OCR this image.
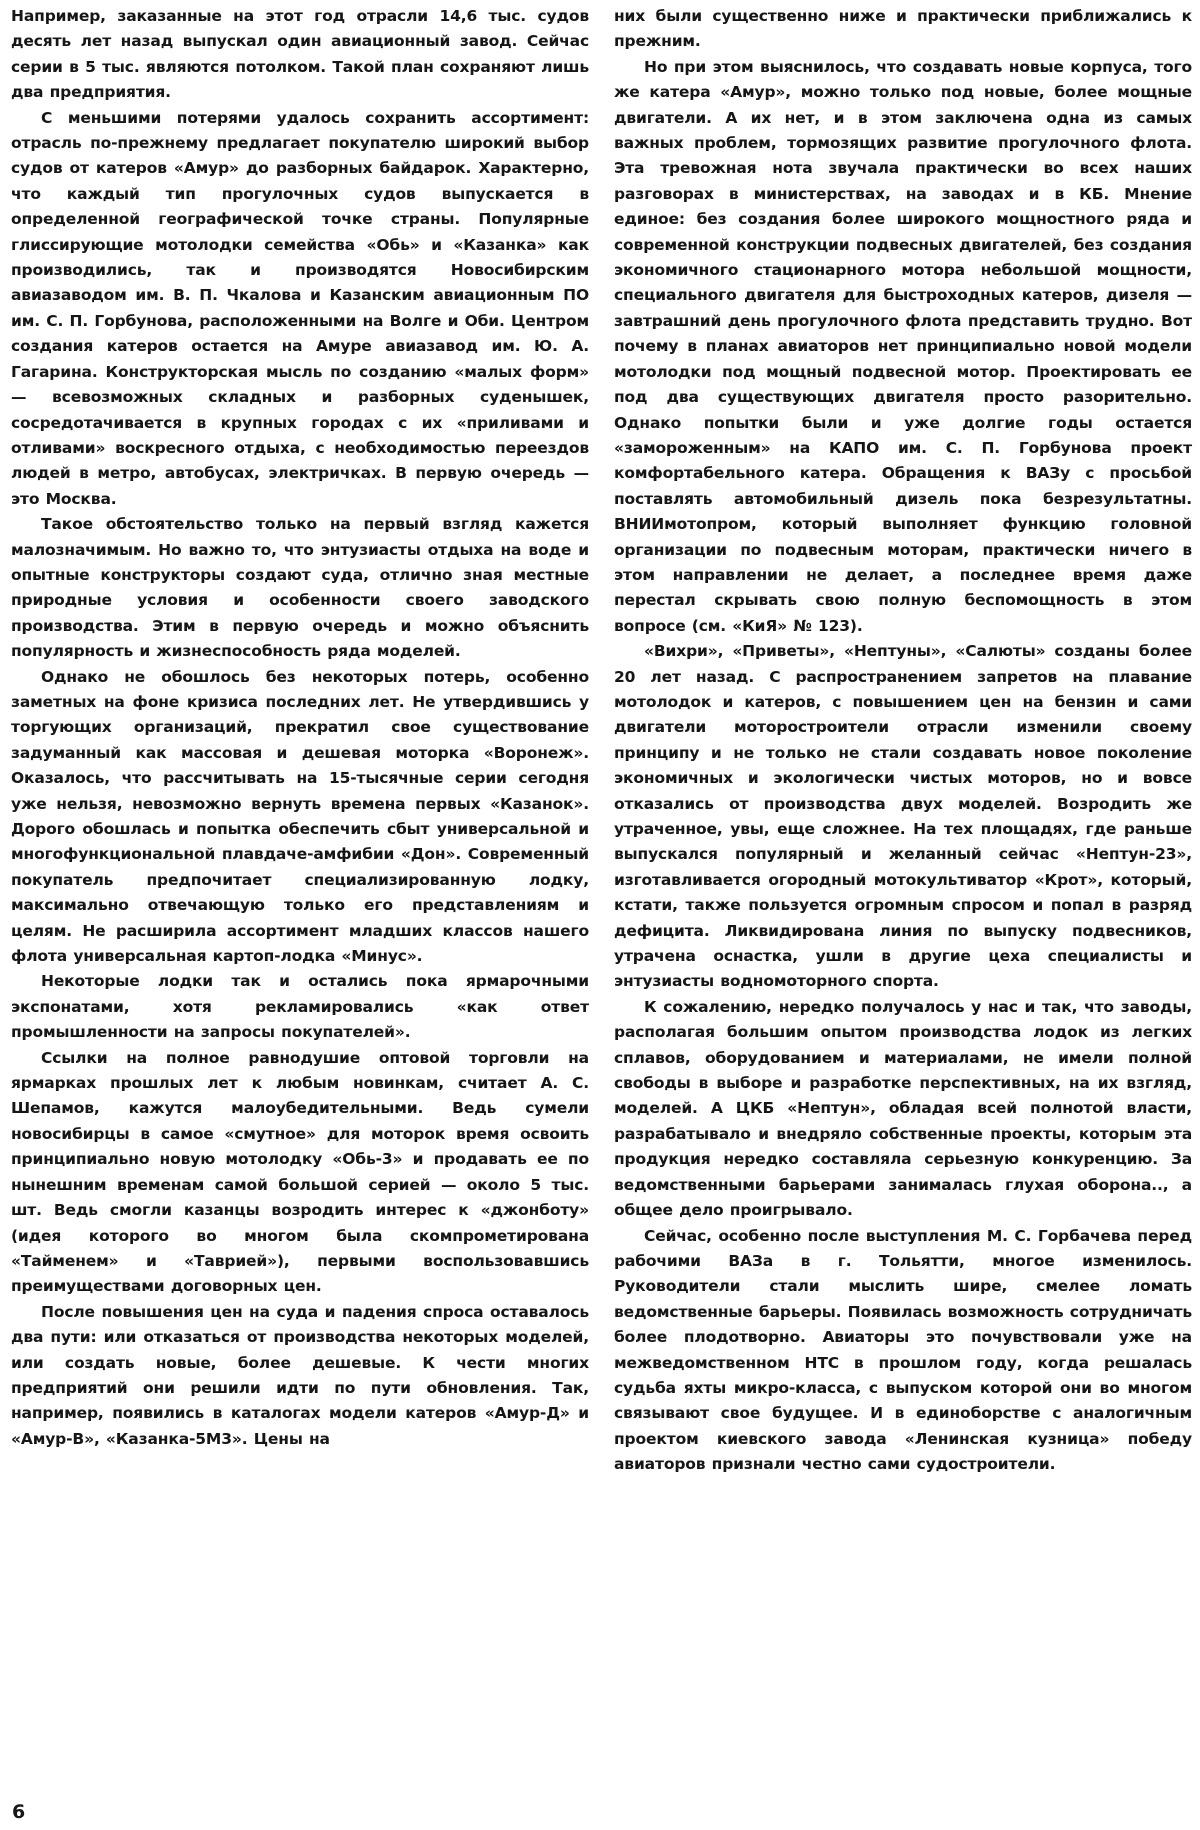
Например, заказанные на этот год отрасли 14,6 тыс. судов десять лет назад выпускал один авиационный завод. Сейчас серии в 5 тыс. являются потолком. Такой план сохраняют лишь два предприятия.

С меньшими потерями удалось сохранить ассортимент: отрасль по-прежнему предлагает покупателю широкий выбор судов от катеров «Амур» до разборных байдарок. Характерно, что каждый тип прогулочных судов выпускается в определенной географической точке страны. Популярные глиссирующие мотолодки семейства «Обь» и «Казанка» как производились, так и производятся Новосибирским авиазаводом им. В. П. Чкалова и Казанским авиационным ПО им. С. П. Горбунова, расположенными на Волге и Оби. Центром создания катеров остается на Амуре авиазавод им. Ю. А. Гагарина. Конструкторская мысль по созданию «малых форм» — всевозможных складных и разборных суденышек, сосредотачивается в крупных городах с их «приливами и отливами» воскресного отдыха, с необходимостью переездов людей в метро, автобусах, электричках. В первую очередь — это Москва.

Такое обстоятельство только на первый взгляд кажется малозначимым. Но важно то, что энтузиасты отдыха на воде и опытные конструкторы создают суда, отлично зная местные природные условия и особенности своего заводского производства. Этим в первую очередь и можно объяснить популярность и жизнеспособность ряда моделей.

Однако не обошлось без некоторых потерь, особенно заметных на фоне кризиса последних лет. Не утвердившись у торгующих организаций, прекратил свое существование задуманный как массовая и дешевая моторка «Воронеж». Оказалось, что рассчитывать на 15-тысячные серии сегодня уже нельзя, невозможно вернуть времена первых «Казанок». Дорого обошлась и попытка обеспечить сбыт универсальной и многофункциональной плавдаче-амфибии «Дон». Современный покупатель предпочитает специализированную лодку, максимально отвечающую только его представлениям и целям. Не расширила ассортимент младших классов нашего флота универсальная картоп-лодка «Минус».

Некоторые лодки так и остались пока ярмарочными экспонатами, хотя рекламировались «как ответ промышленности на запросы покупателей».

Ссылки на полное равнодушие оптовой торговли на ярмарках прошлых лет к любым новинкам, считает А. С. Шепамов, кажутся малоубедительными. Ведь сумели новосибирцы в самое «смутное» для моторок время освоить принципиально новую мотолодку «Обь-3» и продавать ее по нынешним временам самой большой серией — около 5 тыс. шт. Ведь смогли казанцы возродить интерес к «джонботу» (идея которого во многом была скомпрометирована «Тайменем» и «Таврией»), первыми воспользовавшись преимуществами договорных цен.

После повышения цен на суда и падения спроса оставалось два пути: или отказаться от производства некоторых моделей, или создать новые, более дешевые. К чести многих предприятий они решили идти по пути обновления. Так, например, появились в каталогах модели катеров «Амур-Д» и «Амур-В», «Казанка-5М3». Цены на

них были существенно ниже и практически приближались к прежним.

Но при этом выяснилось, что создавать новые корпуса, того же катера «Амур», можно только под новые, более мощные двигатели. А их нет, и в этом заключена одна из самых важных проблем, тормозящих развитие прогулочного флота. Эта тревожная нота звучала практически во всех наших разговорах в министерствах, на заводах и в КБ. Мнение единое: без создания более широкого мощностного ряда и современной конструкции подвесных двигателей, без создания экономичного стационарного мотора небольшой мощности, специального двигателя для быстроходных катеров, дизеля — завтрашний день прогулочного флота представить трудно. Вот почему в планах авиаторов нет принципиально новой модели мотолодки под мощный подвесной мотор. Проектировать ее под два существующих двигателя просто разорительно. Однако попытки были и уже долгие годы остается «замороженным» на КАПО им. С. П. Горбунова проект комфортабельного катера. Обращения к ВАЗу с просьбой поставлять автомобильный дизель пока безрезультатны. ВНИИмотопром, который выполняет функцию головной организации по подвесным моторам, практически ничего в этом направлении не делает, а последнее время даже перестал скрывать свою полную беспомощность в этом вопросе (см. «КиЯ» № 123).

«Вихри», «Приветы», «Нептуны», «Салюты» созданы более 20 лет назад. С распространением запретов на плавание мотолодок и катеров, с повышением цен на бензин и сами двигатели моторостроители отрасли изменили своему принципу и не только не стали создавать новое поколение экономичных и экологически чистых моторов, но и вовсе отказались от производства двух моделей. Возродить же утраченное, увы, еще сложнее. На тех площадях, где раньше выпускался популярный и желанный сейчас «Нептун-23», изготавливается огородный мотокультиватор «Крот», который, кстати, также пользуется огромным спросом и попал в разряд дефицита. Ликвидирована линия по выпуску подвесников, утрачена оснастка, ушли в другие цеха специалисты и энтузиасты водномоторного спорта.

К сожалению, нередко получалось у нас и так, что заводы, располагая большим опытом производства лодок из легких сплавов, оборудованием и материалами, не имели полной свободы в выборе и разработке перспективных, на их взгляд, моделей. А ЦКБ «Нептун», обладая всей полнотой власти, разрабатывало и внедряло собственные проекты, которым эта продукция нередко составляла серьезную конкуренцию. За ведомственными барьерами занималась глухая оборона.., а общее дело проигрывало.

Сейчас, особенно после выступления М. С. Горбачева перед рабочими ВАЗа в г. Тольятти, многое изменилось. Руководители стали мыслить шире, смелее ломать ведомственные барьеры. Появилась возможность сотрудничать более плодотворно. Авиаторы это почувствовали уже на межведомственном НТС в прошлом году, когда решалась судьба яхты микро-класса, с выпуском которой они во многом связывают свое будущее. И в единоборстве с аналогичным проектом киевского завода «Ленинская кузница» победу авиаторов признали честно сами судостроители.

6
